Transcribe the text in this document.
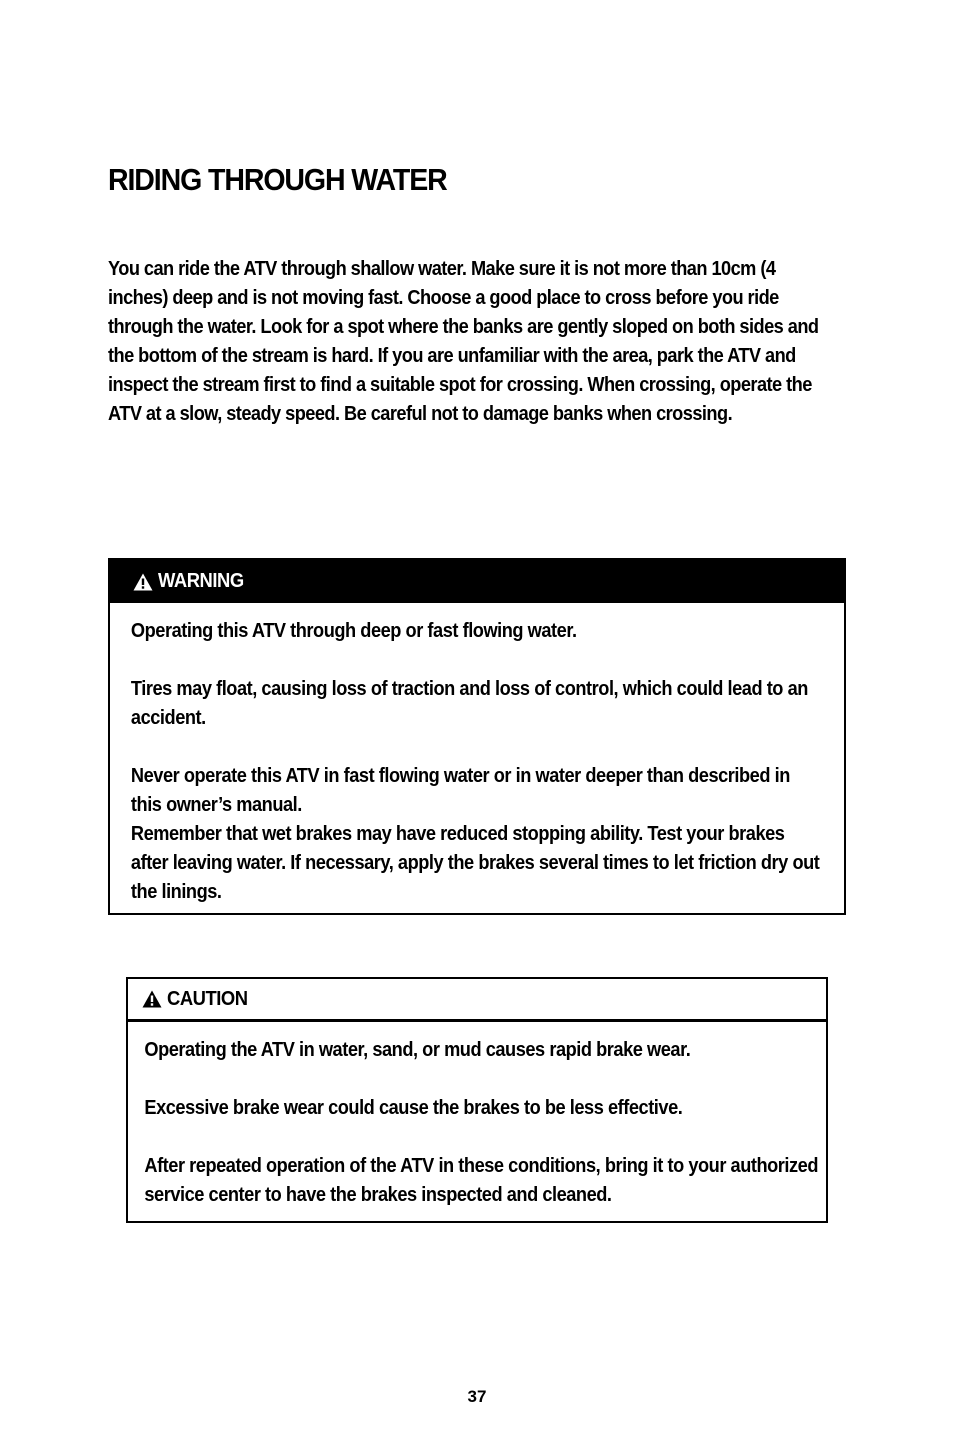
RIDING THROUGH WATER

You can ride the ATV through shallow water. Make sure it is not more than 10cm (4 inches) deep and is not moving fast. Choose a good place to cross before you ride through the water. Look for a spot where the banks are gently sloped on both sides and the bottom of the stream is hard. If you are unfamiliar with the area, park the ATV and inspect the stream first to find a suitable spot for crossing. When crossing, operate the ATV at a slow, steady speed. Be careful not to damage banks when crossing.

WARNING

Operating this ATV through deep or fast flowing water.

Tires may float, causing loss of traction and loss of control, which could lead to an accident.

Never operate this ATV in fast flowing water or in water deeper than described in this owner’s manual.

Remember that wet brakes may have reduced stopping ability. Test your brakes after leaving water. If necessary, apply the brakes several times to let friction dry out the linings.

CAUTION

Operating the ATV in water, sand, or mud causes rapid brake wear.

Excessive brake wear could cause the brakes to be less effective.

After repeated operation of the ATV in these conditions, bring it to your authorized service center to have the brakes inspected and cleaned.

37
